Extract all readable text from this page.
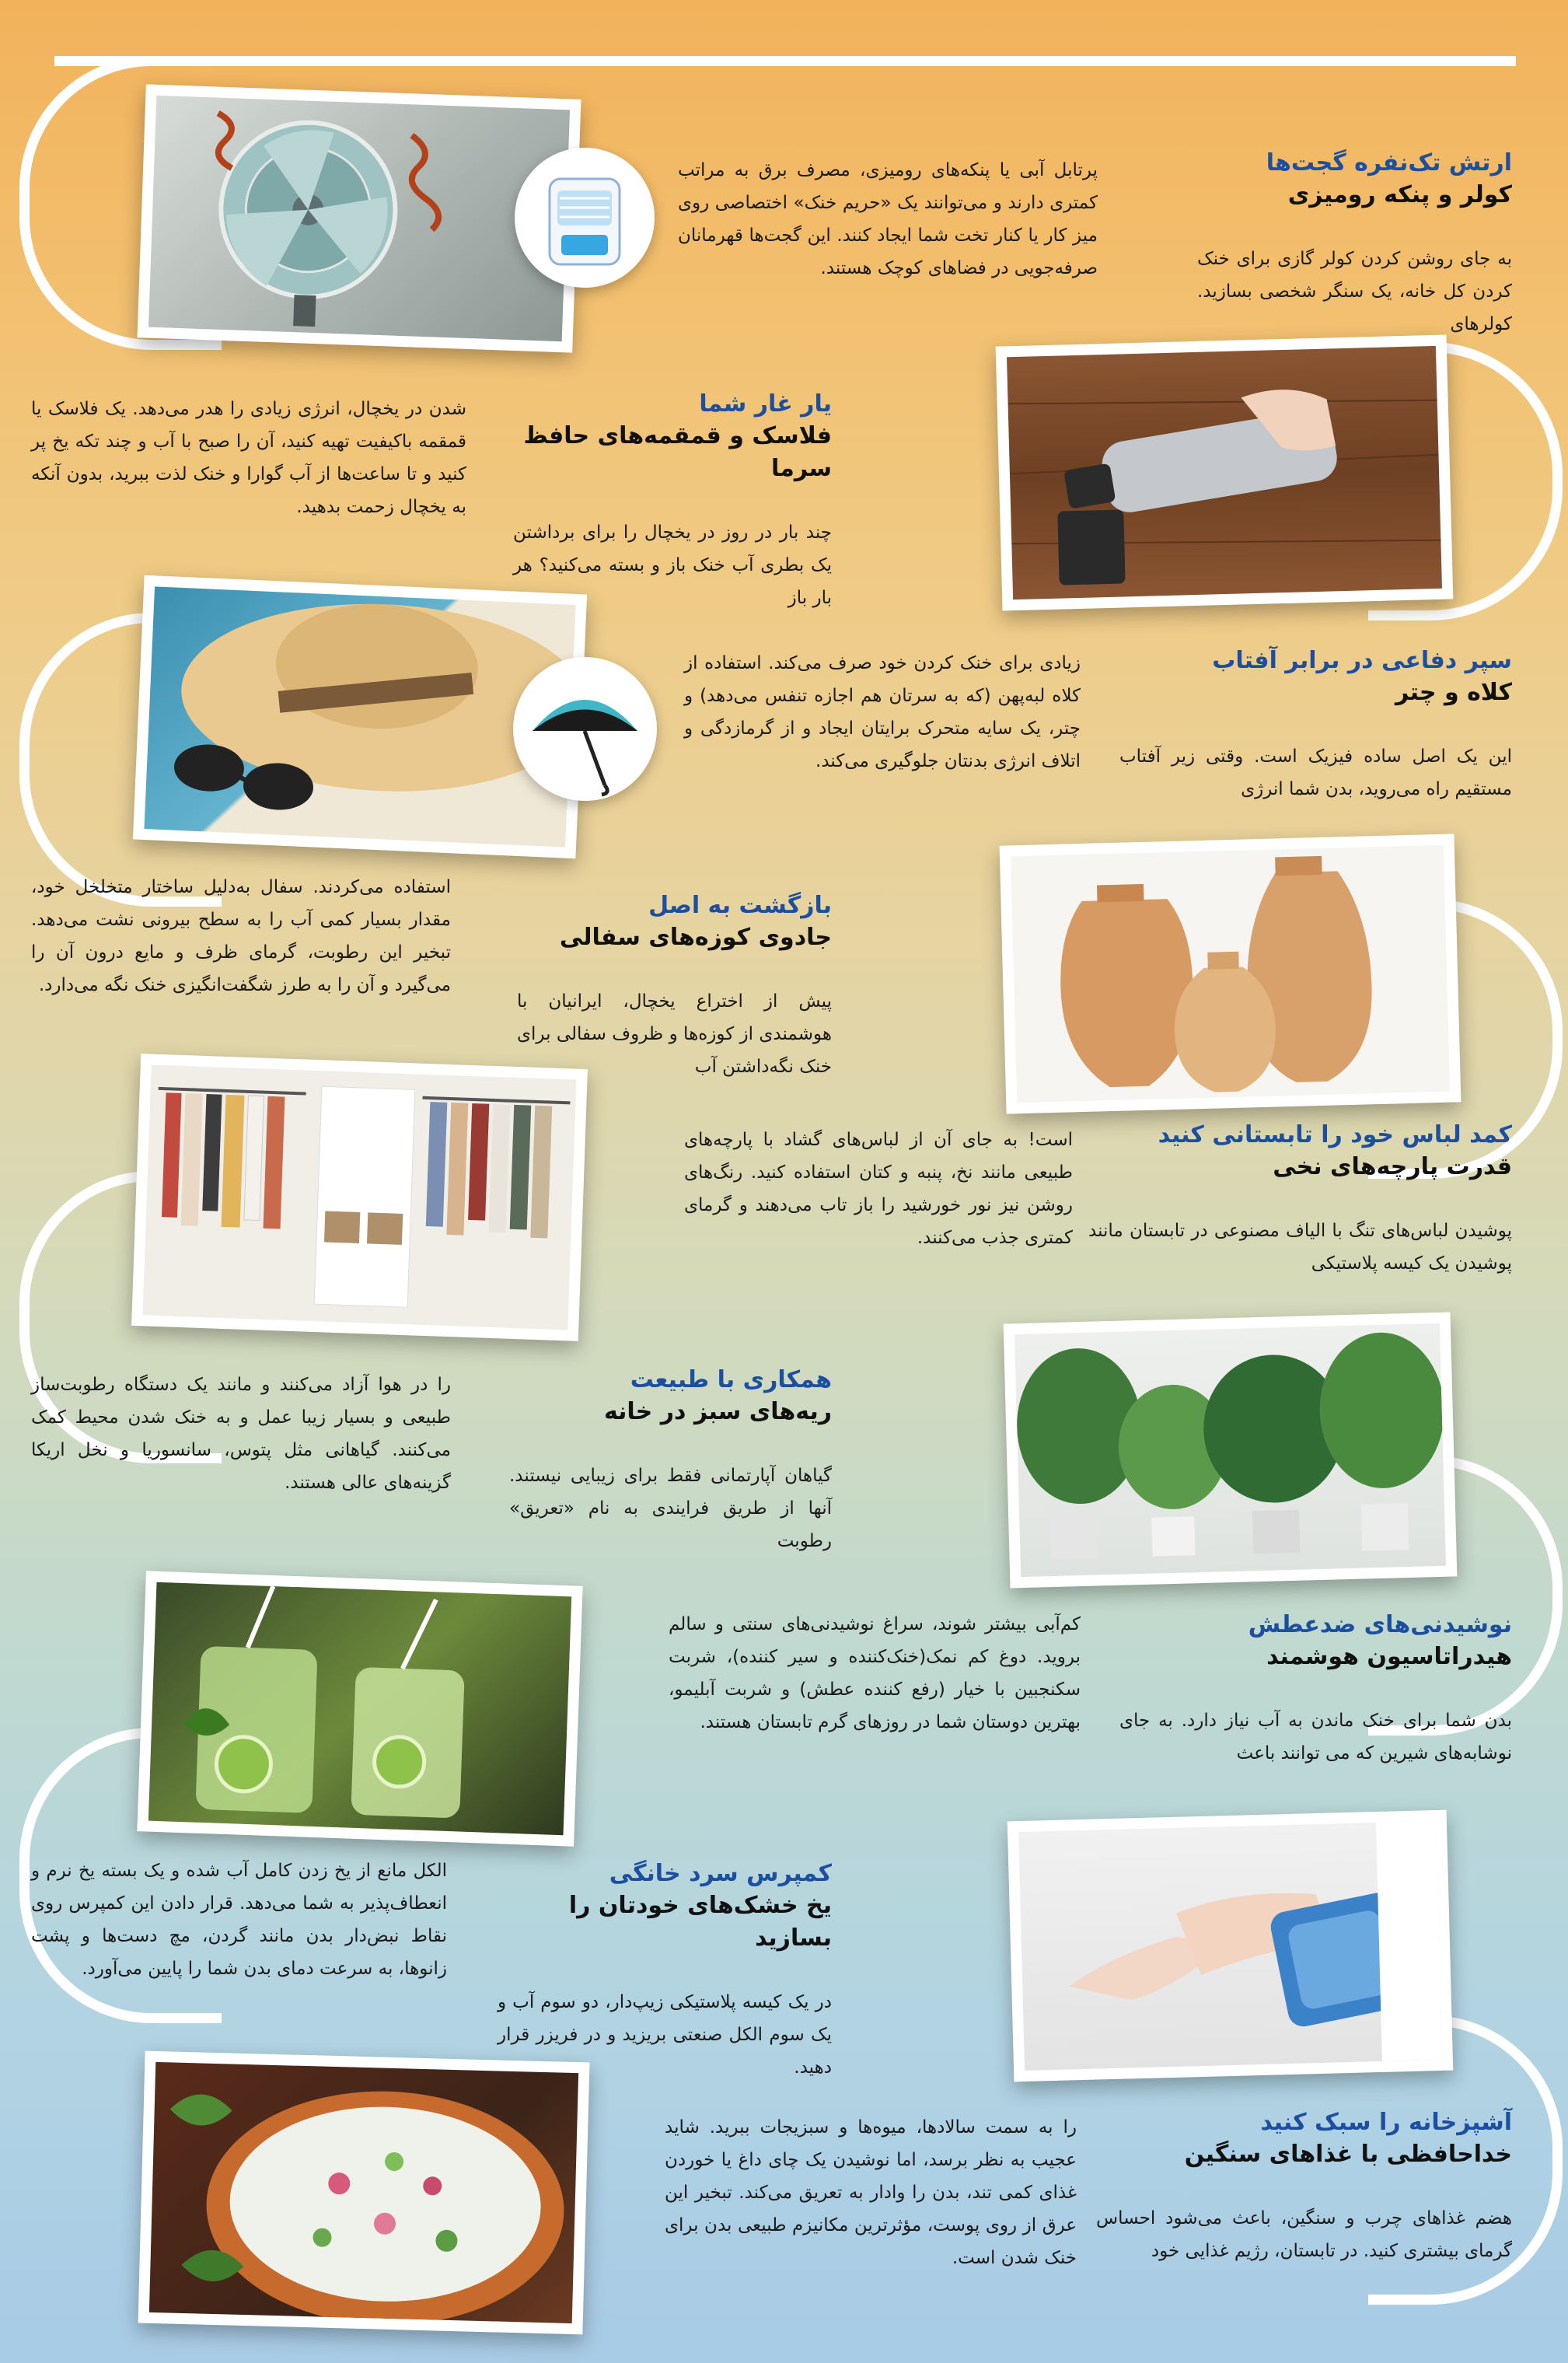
ارتش تک‌نفره گجت‌ها
کولر و پنکه رومیزی
به جای روشن کردن کولر گازی برای خنک کردن کل خانه، یک سنگر شخصی بسازید. کولرهای
پرتابل آبی یا پنکه‌های رومیزی، مصرف برق به مراتب کمتری دارند و می‌توانند یک «حریم خنک» اختصاصی روی میز کار یا کنار تخت شما ایجاد کنند. این گجت‌ها قهرمانان صرفه‌جویی در فضاهای کوچک هستند.
یار غار شما
فلاسک و قمقمه‌های حافظ سرما
چند بار در روز در یخچال را برای برداشتن یک بطری آب خنک باز و بسته می‌کنید؟ هر بار باز
شدن در یخچال، انرژی زیادی را هدر می‌دهد. یک فلاسک یا قمقمه باکیفیت تهیه کنید، آن را صبح با آب و چند تکه یخ پر کنید و تا ساعت‌ها از آب گوارا و خنک لذت ببرید، بدون آنکه به یخچال زحمت بدهید.
سپر دفاعی در برابر آفتاب
کلاه و چتر
این یک اصل ساده فیزیک است. وقتی زیر آفتاب مستقیم راه می‌روید، بدن شما انرژی
زیادی برای خنک کردن خود صرف می‌کند. استفاده از کلاه لبه‌پهن (که به سرتان هم اجازه تنفس می‌دهد) و چتر، یک سایه متحرک برایتان ایجاد و از گرمازدگی و اتلاف انرژی بدنتان جلوگیری می‌کند.
بازگشت به اصل
جادوی کوزه‌های سفالی
پیش از اختراع یخچال، ایرانیان با هوشمندی از کوزه‌ها و ظروف سفالی برای خنک نگه‌داشتن آب
استفاده می‌کردند. سفال به‌دلیل ساختار متخلخل خود، مقدار بسیار کمی آب را به سطح بیرونی نشت می‌دهد. تبخیر این رطوبت، گرمای ظرف و مایع درون آن را می‌گیرد و آن را به طرز شگفت‌انگیزی خنک نگه می‌دارد.
کمد لباس خود را تابستانی کنید
قدرت پارچه‌های نخی
پوشیدن لباس‌های تنگ با الیاف مصنوعی در تابستان مانند پوشیدن یک کیسه پلاستیکی
است! به جای آن از لباس‌های گشاد با پارچه‌های طبیعی مانند نخ، پنبه و کتان استفاده کنید. رنگ‌های روشن نیز نور خورشید را باز تاب می‌دهند و گرمای کمتری جذب می‌کنند.
همکاری با طبیعت
ریه‌های سبز در خانه
گیاهان آپارتمانی فقط برای زیبایی نیستند. آنها از طریق فرایندی به نام «تعریق» رطوبت
را در هوا آزاد می‌کنند و مانند یک دستگاه رطوبت‌ساز طبیعی و بسیار زیبا عمل و به خنک شدن محیط کمک می‌کنند. گیاهانی مثل پتوس، سانسوریا و نخل اریکا گزینه‌های عالی هستند.
نوشیدنی‌های ضدعطش
هیدراتاسیون هوشمند
بدن شما برای خنک ماندن به آب نیاز دارد. به جای نوشابه‌های شیرین که می توانند باعث
کم‌آبی بیشتر شوند، سراغ نوشیدنی‌های سنتی و سالم بروید. دوغ کم نمک(خنک‌کننده و سیر کننده)، شربت سکنجبین با خیار (رفع کننده عطش) و شربت آبلیمو، بهترین دوستان شما در روزهای گرم تابستان هستند.
کمپرس سرد خانگی
یخ خشک‌های خودتان را بسازید
در یک کیسه پلاستیکی زیپ‌دار، دو سوم آب و یک سوم الکل صنعتی بریزید و در فریزر قرار دهید.
الکل مانع از یخ زدن کامل آب شده و یک بسته یخ نرم و انعطاف‌پذیر به شما می‌دهد. قرار دادن این کمپرس روی نقاط نبض‌دار بدن مانند گردن، مچ دست‌ها و پشت زانوها، به سرعت دمای بدن شما را پایین می‌آورد.
آشپزخانه را سبک کنید
خداحافظی با غذاهای سنگین
هضم غذاهای چرب و سنگین، باعث می‌شود احساس گرمای بیشتری کنید. در تابستان، رژیم غذایی خود
را به سمت سالادها، میوه‌ها و سبزیجات ببرید. شاید عجیب به نظر برسد، اما نوشیدن یک چای داغ یا خوردن غذای کمی تند، بدن را وادار به تعریق می‌کند. تبخیر این عرق از روی پوست، مؤثرترین مکانیزم طبیعی بدن برای خنک شدن است.
